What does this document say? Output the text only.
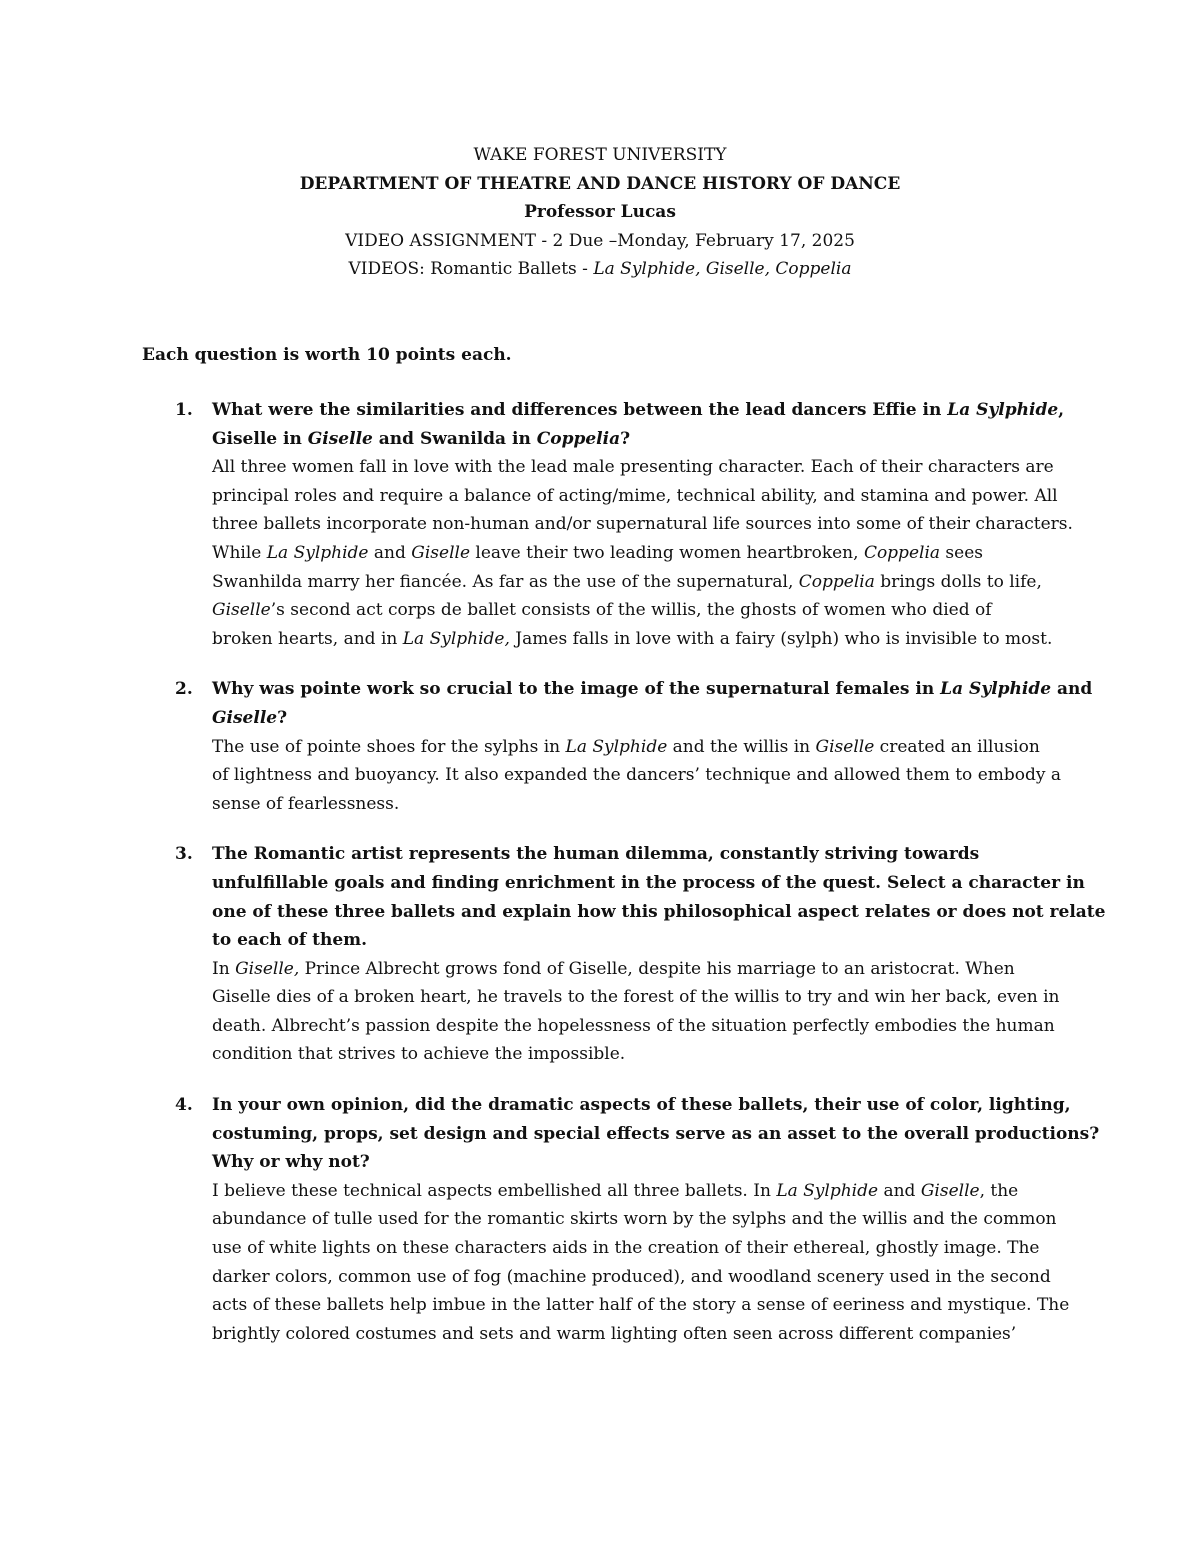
WAKE FOREST UNIVERSITY
DEPARTMENT OF THEATRE AND DANCE HISTORY OF DANCE
Professor Lucas
VIDEO ASSIGNMENT - 2 Due –Monday, February 17, 2025
VIDEOS: Romantic Ballets - La Sylphide, Giselle, Coppelia
Each question is worth 10 points each.
1. What were the similarities and differences between the lead dancers Effie in La Sylphide,
Giselle in Giselle and Swanilda in Coppelia?
All three women fall in love with the lead male presenting character. Each of their characters are
principal roles and require a balance of acting/mime, technical ability, and stamina and power. All
three ballets incorporate non-human and/or supernatural life sources into some of their characters.
While La Sylphide and Giselle leave their two leading women heartbroken, Coppelia sees
Swanhilda marry her fiancée. As far as the use of the supernatural, Coppelia brings dolls to life,
Giselle’s second act corps de ballet consists of the willis, the ghosts of women who died of
broken hearts, and in La Sylphide, James falls in love with a fairy (sylph) who is invisible to most.
2. Why was pointe work so crucial to the image of the supernatural females in La Sylphide and
Giselle?
The use of pointe shoes for the sylphs in La Sylphide and the willis in Giselle created an illusion
of lightness and buoyancy. It also expanded the dancers’ technique and allowed them to embody a
sense of fearlessness.
3. The Romantic artist represents the human dilemma, constantly striving towards
unfulfillable goals and finding enrichment in the process of the quest. Select a character in
one of these three ballets and explain how this philosophical aspect relates or does not relate
to each of them.
In Giselle, Prince Albrecht grows fond of Giselle, despite his marriage to an aristocrat. When
Giselle dies of a broken heart, he travels to the forest of the willis to try and win her back, even in
death. Albrecht’s passion despite the hopelessness of the situation perfectly embodies the human
condition that strives to achieve the impossible.
4. In your own opinion, did the dramatic aspects of these ballets, their use of color, lighting,
costuming, props, set design and special effects serve as an asset to the overall productions?
Why or why not?
I believe these technical aspects embellished all three ballets. In La Sylphide and Giselle, the
abundance of tulle used for the romantic skirts worn by the sylphs and the willis and the common
use of white lights on these characters aids in the creation of their ethereal, ghostly image. The
darker colors, common use of fog (machine produced), and woodland scenery used in the second
acts of these ballets help imbue in the latter half of the story a sense of eeriness and mystique. The
brightly colored costumes and sets and warm lighting often seen across different companies’
